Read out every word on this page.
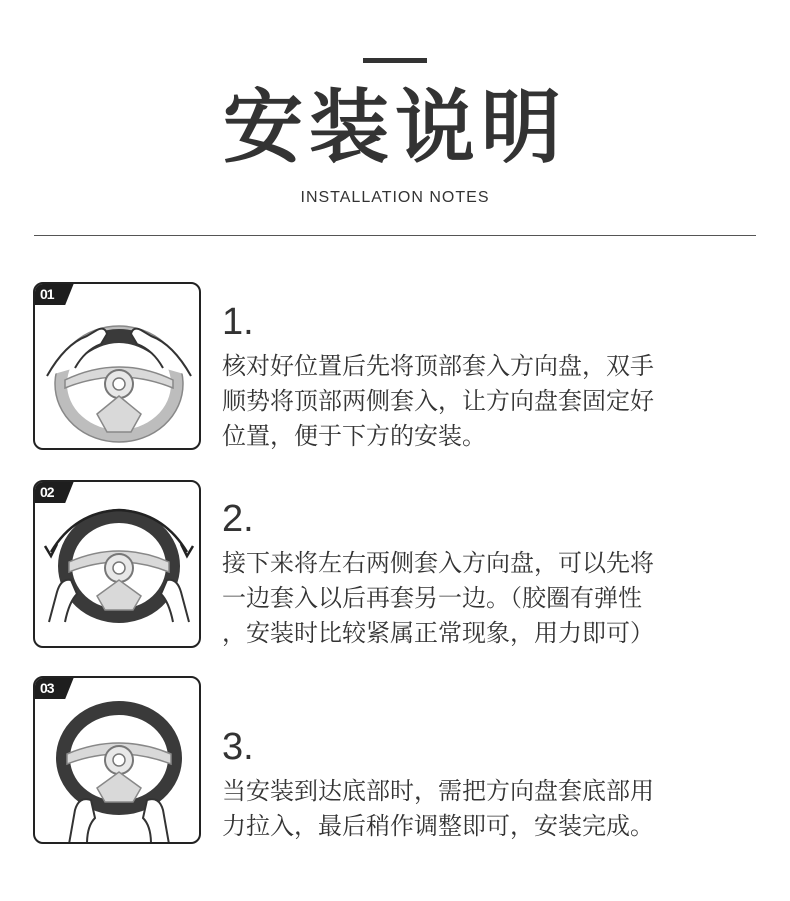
安装说明
INSTALLATION NOTES
01
1.
核对好位置后先将顶部套入方向盘，双手
顺势将顶部两侧套入，让方向盘套固定好
位置，便于下方的安装。
02
2.
接下来将左右两侧套入方向盘，可以先将
一边套入以后再套另一边。（胶圈有弹性
，安装时比较紧属正常现象，用力即可）
03
3.
当安装到达底部时，需把方向盘套底部用
力拉入，最后稍作调整即可，安装完成。
